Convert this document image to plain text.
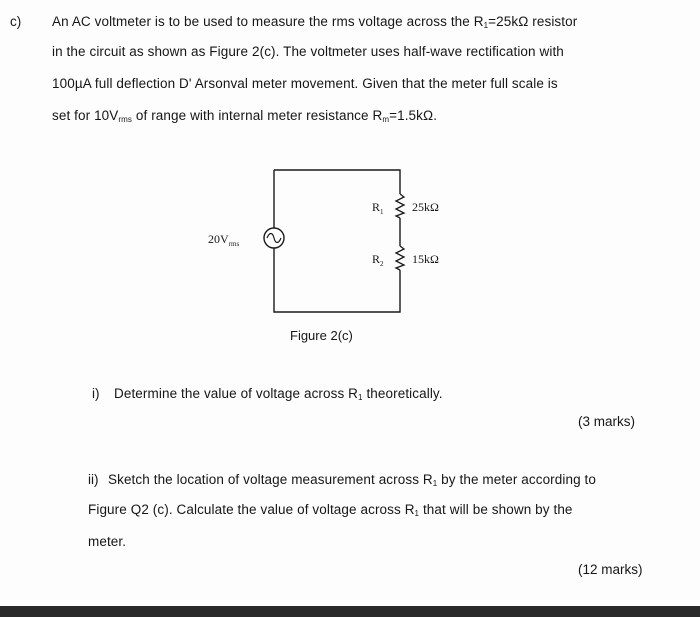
c) An AC voltmeter is to be used to measure the rms voltage across the $R_1=25k\Omega$ resistor
in the circuit as shown as Figure 2(c). The voltmeter uses half-wave rectification with
100µA full deflection D' Arsonval meter movement. Given that the meter full scale is
set for $10V_{rms}$ of range with internal meter resistance $R_m=1.5k\Omega$.
$20V_{rms}$
$R_1$ 25kΩ
$R_2$ 15kΩ
Figure 2(c)
i) Determine the value of voltage across $R_1$ theoretically.
(3 marks)
ii) Sketch the location of voltage measurement across $R_1$ by the meter according to
Figure Q2 (c). Calculate the value of voltage across $R_1$ that will be shown by the
meter.
(12 marks)
